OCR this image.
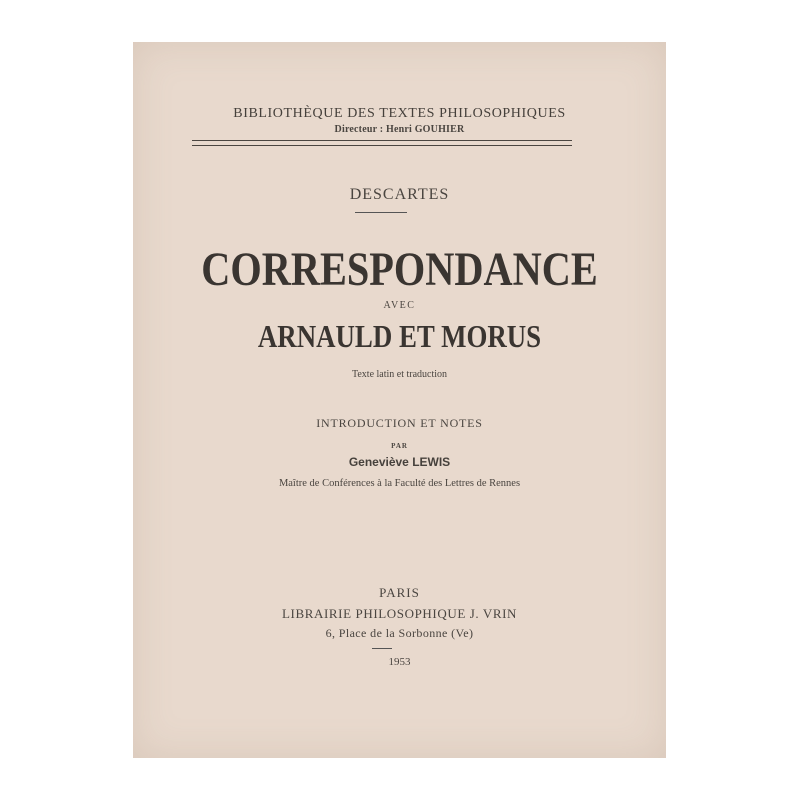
BIBLIOTHÈQUE DES TEXTES PHILOSOPHIQUES
Directeur : Henri GOUHIER
DESCARTES
CORRESPONDANCE
AVEC
ARNAULD ET MORUS
Texte latin et traduction
INTRODUCTION ET NOTES
PAR
Geneviève LEWIS
Maître de Conférences à la Faculté des Lettres de Rennes
PARIS
LIBRAIRIE PHILOSOPHIQUE J. VRIN
6, Place de la Sorbonne (Ve)
1953
